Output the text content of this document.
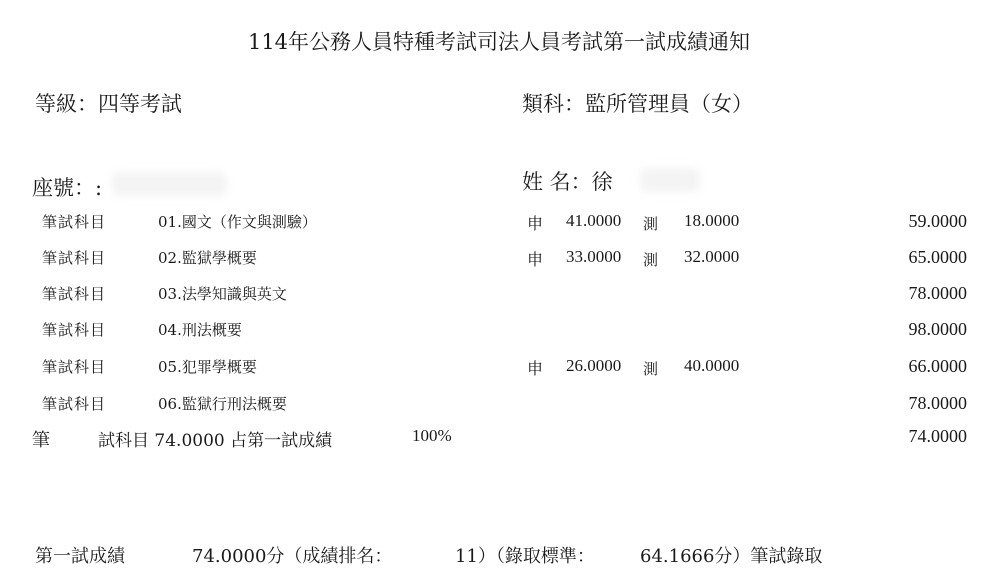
114年公務人員特種考試司法人員考試第一試成績通知
等級：四等考試	類科：監所管理員（女）
座號：:	姓 名：徐
筆試科目	01.國文（作文與測驗）	申 41.0000 測 18.0000	59.0000
筆試科目	02.監獄學概要	申 33.0000 測 32.0000	65.0000
筆試科目	03.法學知識與英文	78.0000
筆試科目	04.刑法概要	98.0000
筆試科目	05.犯罪學概要	申 26.0000 測 40.0000	66.0000
筆試科目	06.監獄行刑法概要	78.0000
筆	試科目 74.0000 占第一試成績	100%	74.0000
第一試成績	74.0000分（成績排名：	11）（錄取標準：	64.1666分）筆試錄取
